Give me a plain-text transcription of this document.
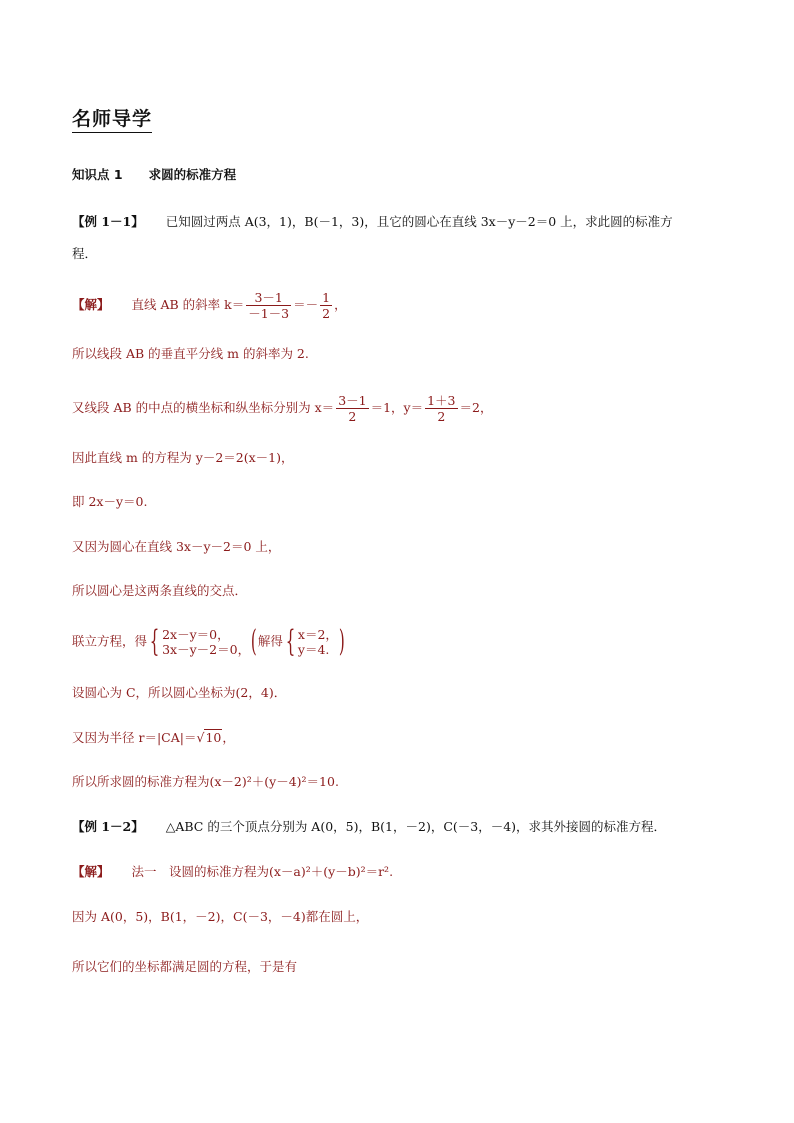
名师导学
知识点 1 求圆的标准方程
【例 1－1】 已知圆过两点 A(3，1)，B(－1，3)，且它的圆心在直线 3x－y－2＝0 上，求此圆的标准方
程．
【解】 直线 AB 的斜率 $k= \frac{3-1}{-1-3} =- \frac{1}{2}$ ，
所以线段 AB 的垂直平分线 m 的斜率为 2.
又线段 AB 的中点的横坐标和纵坐标分别为 $x= \frac{3-1}{2} =1$，$y= \frac{1+3}{2} =2$，
因此直线 m 的方程为 y－2＝2(x－1)，
即 2x－y＝0.
又因为圆心在直线 3x－y－2＝0 上，
所以圆心是这两条直线的交点．
联立方程，得{ 2x－y＝0，
3x－y－2＝0， (解得{ x＝2，
y＝4. )
设圆心为 C，所以圆心坐标为(2，4)．
又因为半径 r＝|CA|＝√10，
所以所求圆的标准方程为(x－2)²＋(y－4)²＝10.
【例 1－2】 △ABC 的三个顶点分别为 A(0，5)，B(1，－2)，C(－3，－4)，求其外接圆的标准方程．
【解】 法一　设圆的标准方程为(x－a)²＋(y－b)²＝r².
因为 A(0，5)，B(1，－2)，C(－3，－4)都在圆上，
所以它们的坐标都满足圆的方程，于是有
